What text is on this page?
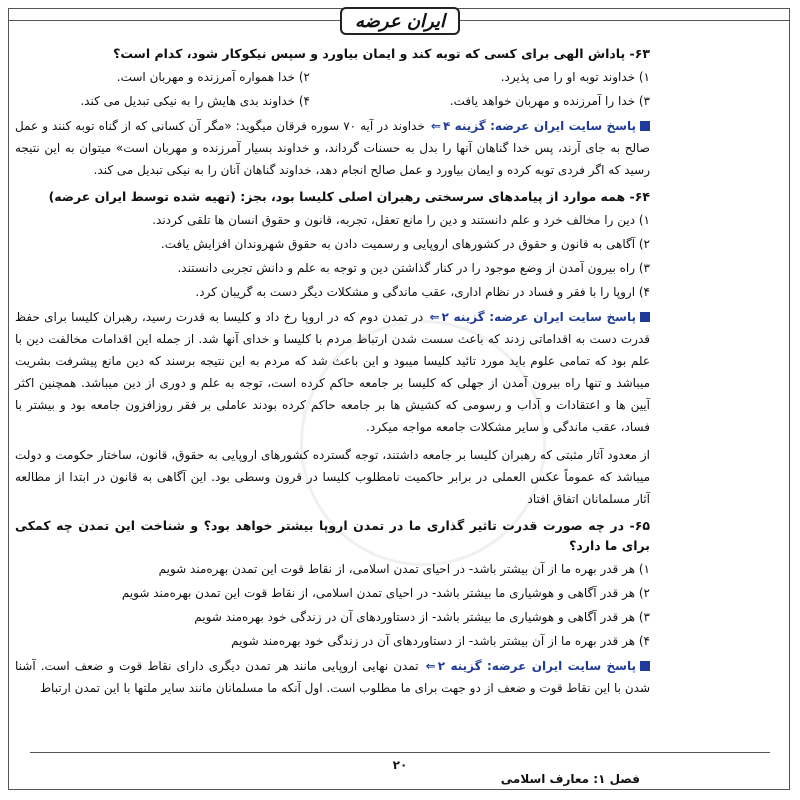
ایران عرضه
۶۳- پاداش الهی برای کسی که توبه کند و ایمان بیاورد و سپس نیکوکار شود، کدام است؟
۱) خداوند توبه او را می پذیرد.
۲) خدا همواره آمرزنده و مهربان است.
۳) خدا را آمرزنده و مهربان خواهد یافت.
۴) خداوند بدی هایش را به نیکی تبدیل می کند.
پاسخ سایت ایران عرضه: گزینه ۴⇐ خداوند در آیه ۷۰ سوره فرقان میگوید: «مگر آن کسانی که از گناه توبه کنند و عمل صالح به جای آرند، پس خدا گناهان آنها را بدل به حسنات گرداند، و خداوند بسیار آمرزنده و مهربان است» میتوان به این نتیجه رسید که اگر فردی توبه کرده و ایمان بیاورد و عمل صالح انجام دهد، خداوند گناهان آنان را به نیکی تبدیل می کند.
۶۴- همه موارد از پیامدهای سرسختی رهبران اصلی کلیسا بود، بجز: (تهیه شده توسط ایران عرضه)
۱) دین را مخالف خرد و علم دانستند و دین را مانع تعقل، تجربه، قانون و حقوق انسان ها تلقی کردند.
۲) آگاهی به قانون و حقوق در کشورهای اروپایی و رسمیت دادن به حقوق شهروندان افزایش یافت.
۳) راه بیرون آمدن از وضع موجود را در کنار گذاشتن دین و توجه به علم و دانش تجربی دانستند.
۴) اروپا را با فقر و فساد در نظام اداری، عقب ماندگی و مشکلات دیگر دست به گریبان کرد.
پاسخ سایت ایران عرضه: گزینه ۲⇐ در تمدن دوم که در اروپا رخ داد و کلیسا به قدرت رسید، رهبران کلیسا برای حفظ قدرت دست به اقداماتی زدند که باعث سست شدن ارتباط مردم با کلیسا و خدای آنها شد. از جمله این اقدامات مخالفت دین با علم بود که تمامی علوم باید مورد تائید کلیسا میبود و این باعث شد که مردم به این نتیجه برسند که دین مانع پیشرفت بشریت میباشد و تنها راه بیرون آمدن از جهلی که کلیسا بر جامعه حاکم کرده است، توجه به علم و دوری از دین میباشد. همچنین اکثر آیین ها و اعتقادات و آداب و رسومی که کشیش ها بر جامعه حاکم کرده بودند عاملی بر فقر روزافزون جامعه بود و بیشتر با فساد، عقب ماندگی و سایر مشکلات جامعه مواجه میکرد.
از معدود آثار مثبتی که رهبران کلیسا بر جامعه داشتند، توجه گسترده کشورهای اروپایی به حقوق، قانون، ساختار حکومت و دولت میباشد که عموماً عکس العملی در برابر حاکمیت نامطلوب کلیسا در قرون وسطی بود. این آگاهی به قانون در ابتدا از مطالعه آثار مسلمانان اتفاق افتاد
۶۵- در چه صورت قدرت تاثیر گذاری ما در تمدن اروپا بیشتر خواهد بود؟ و شناخت این تمدن چه کمکی برای ما دارد؟
۱) هر قدر بهره ما از آن بیشتر باشد- در احیای تمدن اسلامی، از نقاط قوت این تمدن بهره‌مند شویم
۲) هر قدر آگاهی و هوشیاری ما بیشتر باشد- در احیای تمدن اسلامی، از نقاط قوت این تمدن بهره‌مند شویم
۳) هر قدر آگاهی و هوشیاری ما بیشتر باشد- از دستاوردهای آن در زندگی خود بهره‌مند شویم
۴) هر قدر بهره ما از آن بیشتر باشد- از دستاوردهای آن در زندگی خود بهره‌مند شویم
پاسخ سایت ایران عرضه: گزینه ۲⇐ تمدن نهایی اروپایی مانند هر تمدن دیگری دارای نقاط قوت و ضعف است. آشنا شدن با این نقاط قوت و ضعف از دو جهت برای ما مطلوب است. اول آنکه ما مسلمانان مانند سایر ملتها با این تمدن ارتباط
۲۰
فصل ۱: معارف اسلامی
